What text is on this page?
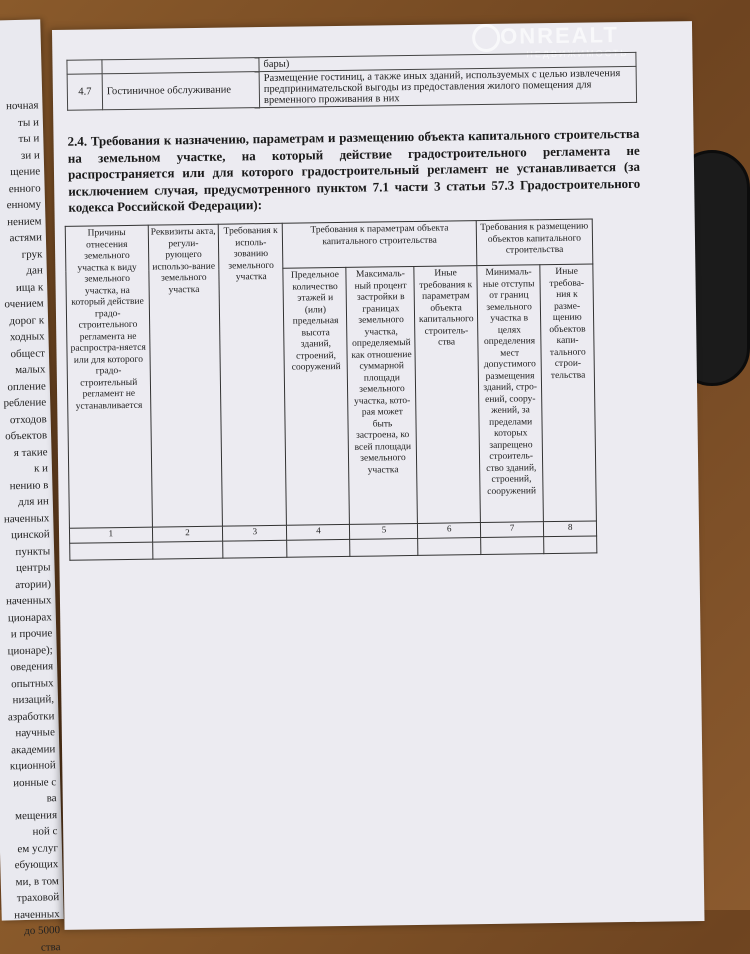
ночная
ты и
ты и
зи и
щение
енного
енному
нением
астями
грук
дан
ища к
очением
дорог к
ходных
общест
малых
опление
ребление
отходов
объектов
я такие
к и
нению в
для ин
наченных
цинской
пункты
центры
атории)
наченных
ционарах
и прочие
ционаре);
оведения
опытных
низаций,
азработки
научные
академии
кционной
ионные с
ва
мещения
ной с
ем услуг
ебующих
ми, в том
траховой
наченных
до 5000
ства
ONREALT
НЕДВИЖИМОСТЬ
		бары)
4.7	Гостиничное обслуживание	Размещение гостиниц, а также иных зданий, используемых с целью извлечения предпринимательской выгоды из предоставления жилого помещения для временного проживания в них
2.4. Требования к назначению, параметрам и размещению объекта капитального строительства на земельном участке, на который действие градостроительного регламента не распространяется или для которого градостроительный регламент не устанавливается (за исключением случая, предусмотренного пунктом 7.1 части 3 статьи 57.3 Градостроительного кодекса Российской Федерации):
Причины отнесения земельного участка к виду земельного участка, на который действие градо-строительного регламента не распростра-няется или для которого градо-строительный регламент не устанавливается	Реквизиты акта, регули-рующего использо-вание земельного участка	Требования к исполь-зованию земельного участка	Требования к параметрам объекта капитального строительства			Требования к размещению объектов капитального строительства	
			Предельное количество этажей и (или) предельная высота зданий, строений, сооружений	Максималь-ный процент застройки в границах земельного участка, определяемый как отношение суммарной площади земельного участка, кото-рая может быть застроена, ко всей площади земельного участка	Иные требования к параметрам объекта капитального строитель-ства	Минималь-ные отступы от границ земельного участка в целях определения мест допустимого размещения зданий, стро-ений, соору-жений, за пределами которых запрещено строитель-ство зданий, строений, сооружений	Иные требова-ния к разме-щению объектов капи-тального строи-тельства
1	2	3	4	5	6	7	8
